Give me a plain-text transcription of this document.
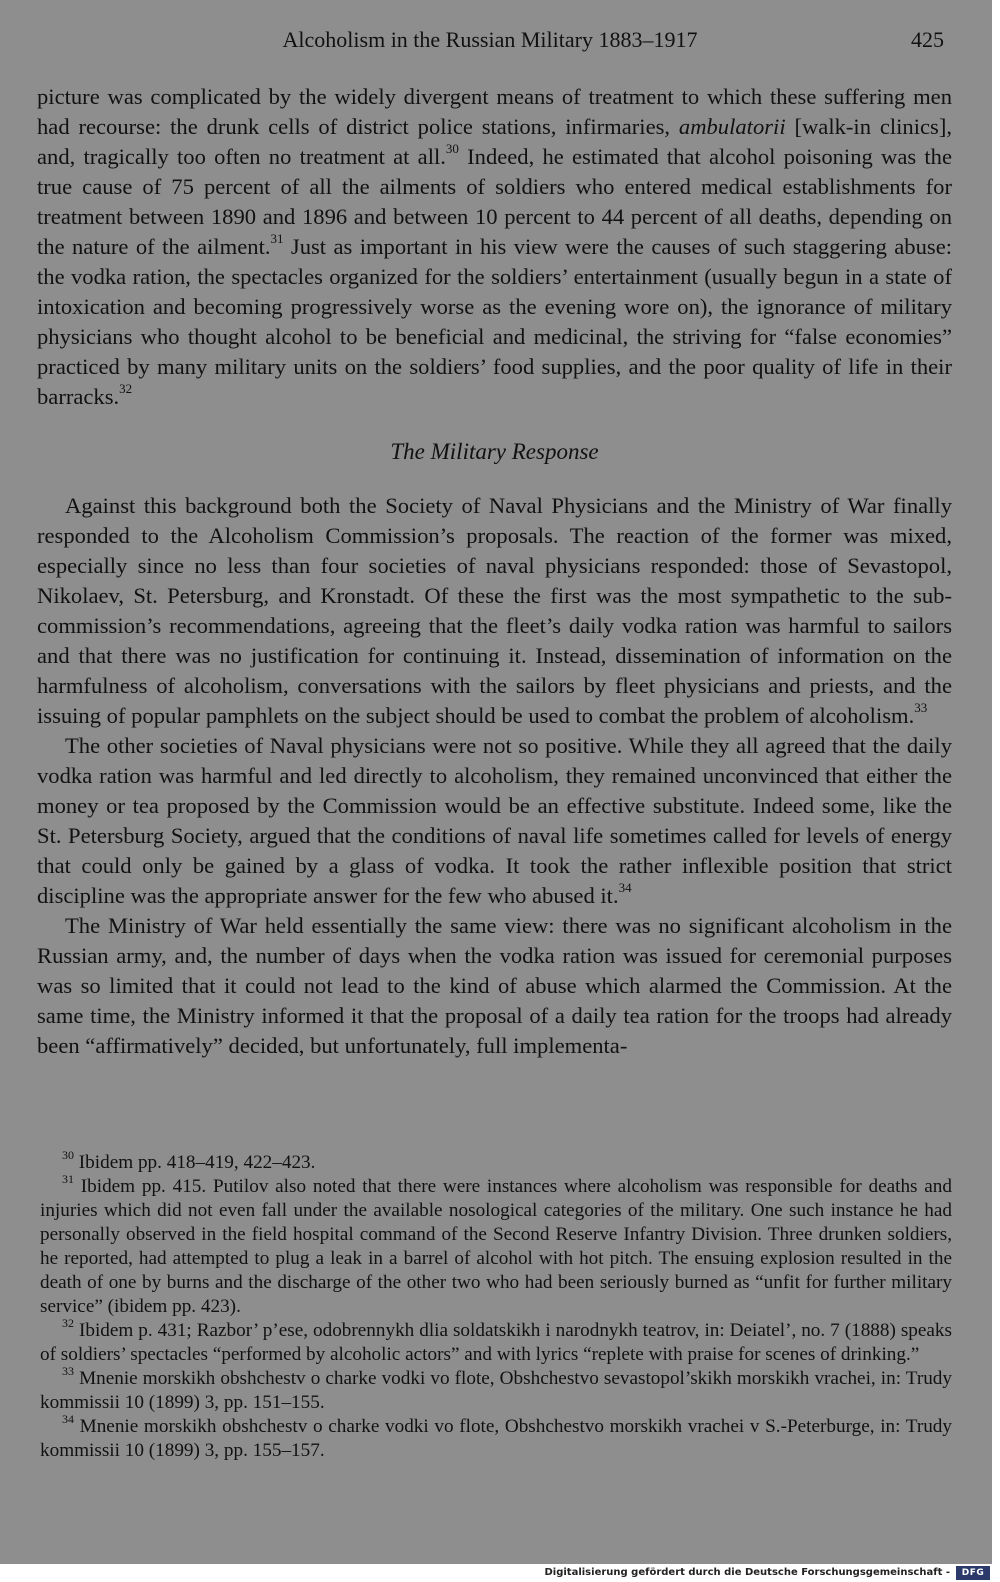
Alcoholism in the Russian Military 1883–1917	425

picture was complicated by the widely divergent means of treatment to which these suffering men had recourse: the drunk cells of district police stations, infirmaries, ambulatorii [walk-in clinics], and, tragically too often no treatment at all.$^{30}$ Indeed, he estimated that alcohol poisoning was the true cause of 75 percent of all the ailments of soldiers who entered medical establishments for treatment between 1890 and 1896 and between 10 percent to 44 percent of all deaths, depending on the nature of the ailment.$^{31}$ Just as important in his view were the causes of such staggering abuse: the vodka ration, the spectacles organized for the soldiers’ entertainment (usually begun in a state of intoxication and becoming progressively worse as the evening wore on), the ignorance of military physicians who thought alcohol to be beneficial and medicinal, the striving for “false economies” practiced by many military units on the soldiers’ food supplies, and the poor quality of life in their barracks.$^{32}$

The Military Response

Against this background both the Society of Naval Physicians and the Ministry of War finally responded to the Alcoholism Commission’s proposals. The reaction of the former was mixed, especially since no less than four societies of naval physicians responded: those of Sevastopol, Nikolaev, St. Petersburg, and Kronstadt. Of these the first was the most sympathetic to the sub-commission’s recommendations, agreeing that the fleet’s daily vodka ration was harmful to sailors and that there was no justification for continuing it. Instead, dissemination of information on the harmfulness of alcoholism, conversations with the sailors by fleet physicians and priests, and the issuing of popular pamphlets on the subject should be used to combat the problem of alcoholism.$^{33}$

The other societies of Naval physicians were not so positive. While they all agreed that the daily vodka ration was harmful and led directly to alcoholism, they remained unconvinced that either the money or tea proposed by the Commission would be an effective substitute. Indeed some, like the St. Petersburg Society, argued that the conditions of naval life sometimes called for levels of energy that could only be gained by a glass of vodka. It took the rather inflexible position that strict discipline was the appropriate answer for the few who abused it.$^{34}$

The Ministry of War held essentially the same view: there was no significant alcoholism in the Russian army, and, the number of days when the vodka ration was issued for ceremonial purposes was so limited that it could not lead to the kind of abuse which alarmed the Commission. At the same time, the Ministry informed it that the proposal of a daily tea ration for the troops had already been “affirmatively” decided, but unfortunately, full implementa-

$^{30}$ Ibidem pp. 418–419, 422–423.

$^{31}$ Ibidem pp. 415. Putilov also noted that there were instances where alcoholism was responsible for deaths and injuries which did not even fall under the available nosological categories of the military. One such instance he had personally observed in the field hospital command of the Second Reserve Infantry Division. Three drunken soldiers, he reported, had attempted to plug a leak in a barrel of alcohol with hot pitch. The ensuing explosion resulted in the death of one by burns and the discharge of the other two who had been seriously burned as “unfit for further military service” (ibidem pp. 423).

$^{32}$ Ibidem p. 431; Razbor’ p’ese, odobrennykh dlia soldatskikh i narodnykh teatrov, in: Deiatel’, no. 7 (1888) speaks of soldiers’ spectacles “performed by alcoholic actors” and with lyrics “replete with praise for scenes of drinking.”

$^{33}$ Mnenie morskikh obshchestv o charke vodki vo flote, Obshchestvo sevastopol’skikh morskikh vrachei, in: Trudy kommissii 10 (1899) 3, pp. 151–155.

$^{34}$ Mnenie morskikh obshchestv o charke vodki vo flote, Obshchestvo morskikh vrachei v S.-Peterburge, in: Trudy kommissii 10 (1899) 3, pp. 155–157.

Digitalisierung gefördert durch die Deutsche Forschungsgemeinschaft -	DFG
